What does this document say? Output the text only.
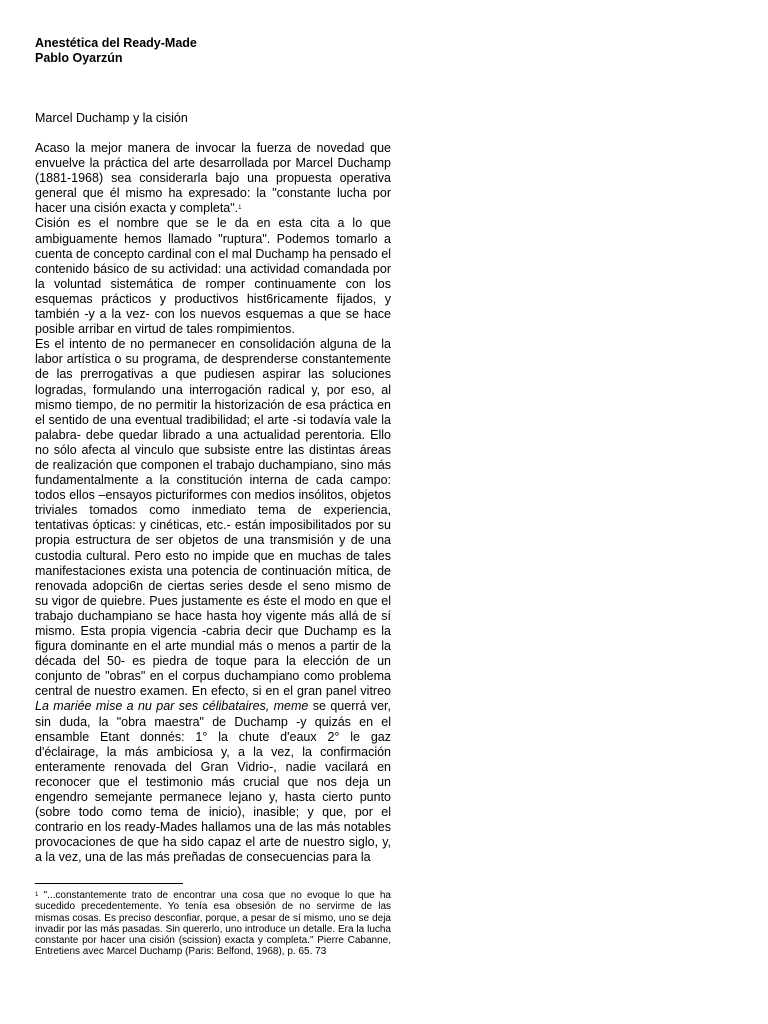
Anestética del Ready-Made

Pablo Oyarzún

Marcel Duchamp y la cisión

Acaso la mejor manera de invocar la fuerza de novedad que envuelve la práctica del arte desarrollada por Marcel Duchamp (1881-1968) sea considerarla bajo una propuesta operativa general que él mismo ha expresado: la "constante lucha por hacer una cisión exacta y completa".$^1$

Cisión es el nombre que se le da en esta cita a lo que ambiguamente hemos llamado "ruptura". Podemos tomarlo a cuenta de concepto cardinal con el mal Duchamp ha pensado el contenido básico de su actividad: una actividad comandada por la voluntad sistemática de romper continuamente con los esquemas prácticos y productivos hist6ricamente fijados, y también -y a la vez- con los nuevos esquemas a que se hace posible arribar en virtud de tales rompimientos.

Es el intento de no permanecer en consolidación alguna de la labor artística o su programa, de desprenderse constantemente de las prerrogativas a que pudiesen aspirar las soluciones logradas, formulando una interrogación radical y, por eso, al mismo tiempo, de no permitir la historización de esa práctica en el sentido de una eventual tradibilidad; el arte -si todavía vale la palabra- debe quedar librado a una actualidad perentoria. Ello no sólo afecta al vinculo que subsiste entre las distintas áreas de realización que componen el trabajo duchampiano, sino más fundamentalmente a la constitución interna de cada campo: todos ellos –ensayos picturiformes con medios insólitos, objetos triviales tomados como inmediato tema de experiencia, tentativas ópticas: y cinéticas, etc.- están imposibilitados por su propia estructura de ser objetos de una transmisión y de una custodia cultural. Pero esto no impide que en muchas de tales manifestaciones exista una potencia de continuación mítica, de renovada adopci6n de ciertas series desde el seno mismo de su vigor de quiebre. Pues justamente es éste el modo en que el trabajo duchampiano se hace hasta hoy vigente más allá de sí mismo. Esta propia vigencia -cabria decir que Duchamp es la figura dominante en el arte mundial más o menos a partir de la década del 50- es piedra de toque para la elección de un conjunto de "obras" en el corpus duchampiano como problema central de nuestro examen. En efecto, si en el gran panel vitreo La mariée mise a nu par ses célibataires, meme se querrá ver, sin duda, la "obra maestra" de Duchamp -y quizás en el ensamble Etant donnés: 1° la chute d'eaux 2° le gaz d'éclairage, la más ambiciosa y, a la vez, la confirmación enteramente renovada del Gran Vidrio-, nadie vacilará en reconocer que el testimonio más crucial que nos deja un engendro semejante permanece lejano y, hasta cierto punto (sobre todo como tema de inicio), inasible; y que, por el contrario en los ready-Mades hallamos una de las más notables provocaciones de que ha sido capaz el arte de nuestro siglo, y, a la vez, una de las más preñadas de consecuencias para la

$^1$ "...constantemente trato de encontrar una cosa que no evoque lo que ha sucedido precedentemente. Yo tenía esa obsesión de no servirme de las mismas cosas. Es preciso desconfiar, porque, a pesar de sí mismo, uno se deja invadir por las más pasadas. Sin quererlo, uno introduce un detalle. Era la lucha constante por hacer una cisión (scission) exacta y completa." Pierre Cabanne, Entretiens avec Marcel Duchamp (Paris: Belfond, 1968), p. 65. 73
